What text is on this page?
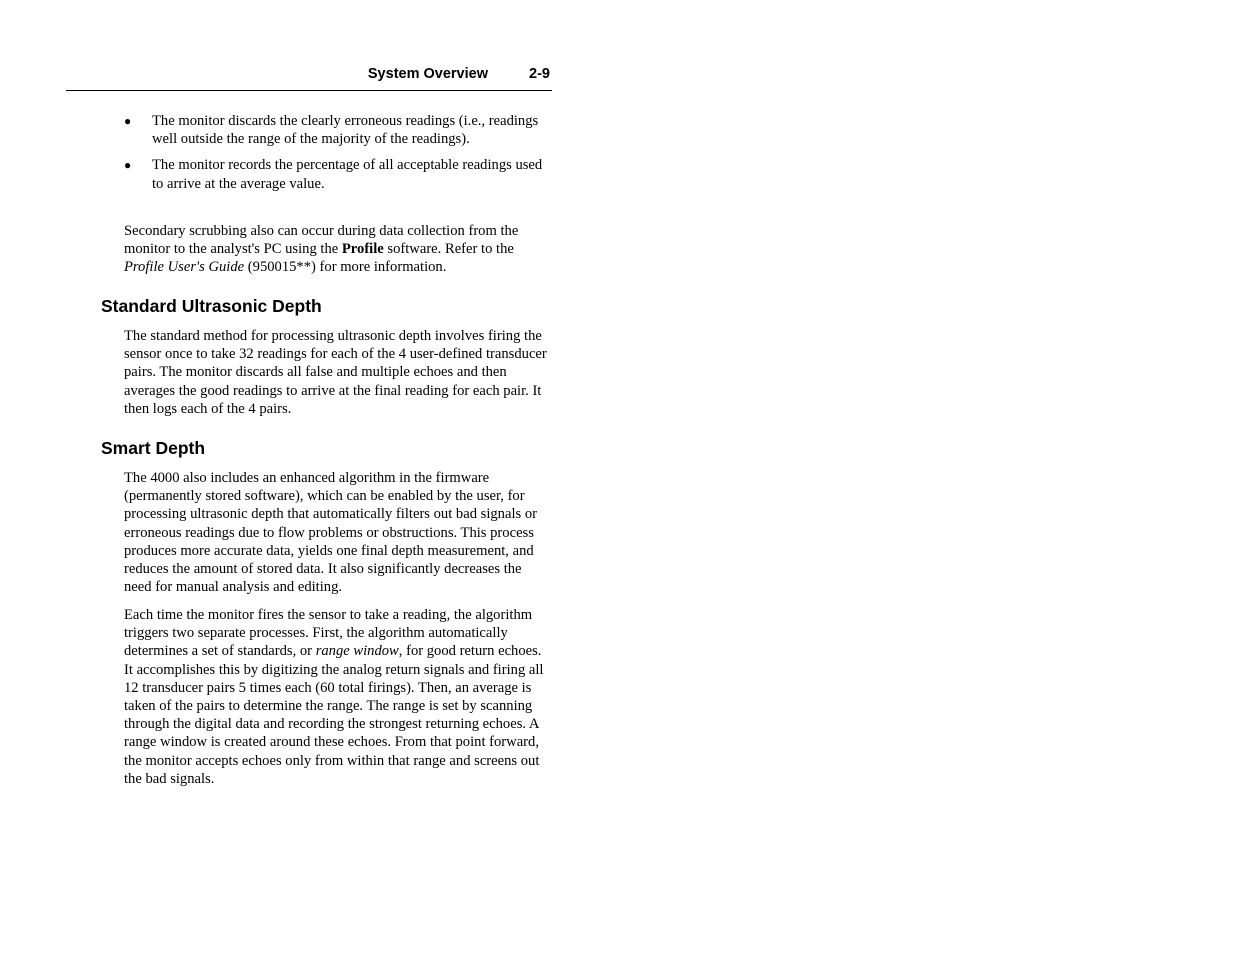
System Overview	2-9
● The monitor discards the clearly erroneous readings (i.e., readings well outside the range of the majority of the readings).
● The monitor records the percentage of all acceptable readings used to arrive at the average value.

Secondary scrubbing also can occur during data collection from the monitor to the analyst's PC using the Profile software. Refer to the Profile User's Guide (950015**) for more information.

Standard Ultrasonic Depth

The standard method for processing ultrasonic depth involves firing the sensor once to take 32 readings for each of the 4 user-defined transducer pairs. The monitor discards all false and multiple echoes and then averages the good readings to arrive at the final reading for each pair. It then logs each of the 4 pairs.

Smart Depth

The 4000 also includes an enhanced algorithm in the firmware (permanently stored software), which can be enabled by the user, for processing ultrasonic depth that automatically filters out bad signals or erroneous readings due to flow problems or obstructions. This process produces more accurate data, yields one final depth measurement, and reduces the amount of stored data. It also significantly decreases the need for manual analysis and editing.

Each time the monitor fires the sensor to take a reading, the algorithm triggers two separate processes. First, the algorithm automatically determines a set of standards, or range window, for good return echoes. It accomplishes this by digitizing the analog return signals and firing all 12 transducer pairs 5 times each (60 total firings). Then, an average is taken of the pairs to determine the range. The range is set by scanning through the digital data and recording the strongest returning echoes. A range window is created around these echoes. From that point forward, the monitor accepts echoes only from within that range and screens out the bad signals.
